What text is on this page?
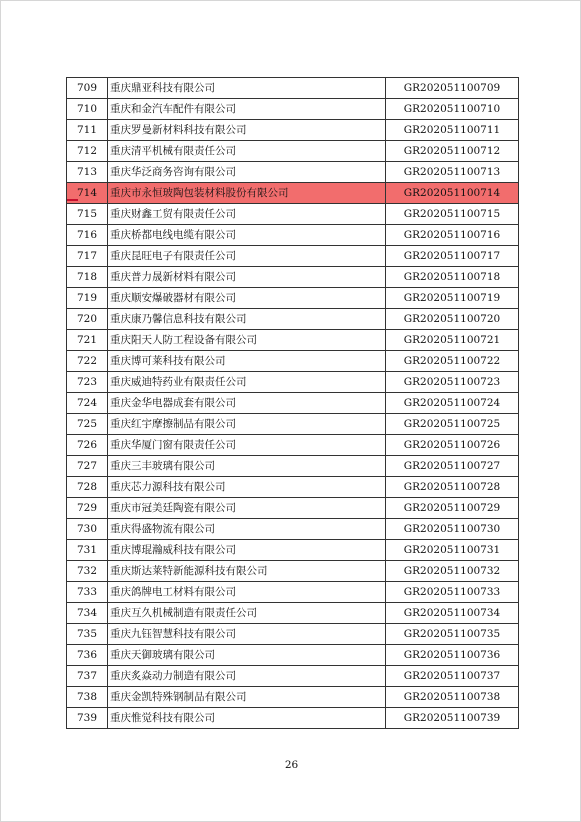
709	重庆鼎亚科技有限公司	GR202051100709
710	重庆和金汽车配件有限公司	GR202051100710
711	重庆罗曼新材料科技有限公司	GR202051100711
712	重庆清平机械有限责任公司	GR202051100712
713	重庆华泛商务咨询有限公司	GR202051100713
714	重庆市永恒玻陶包装材料股份有限公司	GR202051100714
715	重庆财鑫工贸有限责任公司	GR202051100715
716	重庆桥都电线电缆有限公司	GR202051100716
717	重庆昆旺电子有限责任公司	GR202051100717
718	重庆普力晟新材料有限公司	GR202051100718
719	重庆顺安爆破器材有限公司	GR202051100719
720	重庆康乃馨信息科技有限公司	GR202051100720
721	重庆阳天人防工程设备有限公司	GR202051100721
722	重庆博可莱科技有限公司	GR202051100722
723	重庆威迪特药业有限责任公司	GR202051100723
724	重庆金华电器成套有限公司	GR202051100724
725	重庆红宇摩擦制品有限公司	GR202051100725
726	重庆华厦门窗有限责任公司	GR202051100726
727	重庆三丰玻璃有限公司	GR202051100727
728	重庆芯力源科技有限公司	GR202051100728
729	重庆市冠美廷陶瓷有限公司	GR202051100729
730	重庆得盛物流有限公司	GR202051100730
731	重庆博琨瀚威科技有限公司	GR202051100731
732	重庆斯达莱特新能源科技有限公司	GR202051100732
733	重庆鸽牌电工材料有限公司	GR202051100733
734	重庆互久机械制造有限责任公司	GR202051100734
735	重庆九钰智慧科技有限公司	GR202051100735
736	重庆天御玻璃有限公司	GR202051100736
737	重庆炙焱动力制造有限公司	GR202051100737
738	重庆金凯特殊钢制品有限公司	GR202051100738
739	重庆惟觉科技有限公司	GR202051100739
26
